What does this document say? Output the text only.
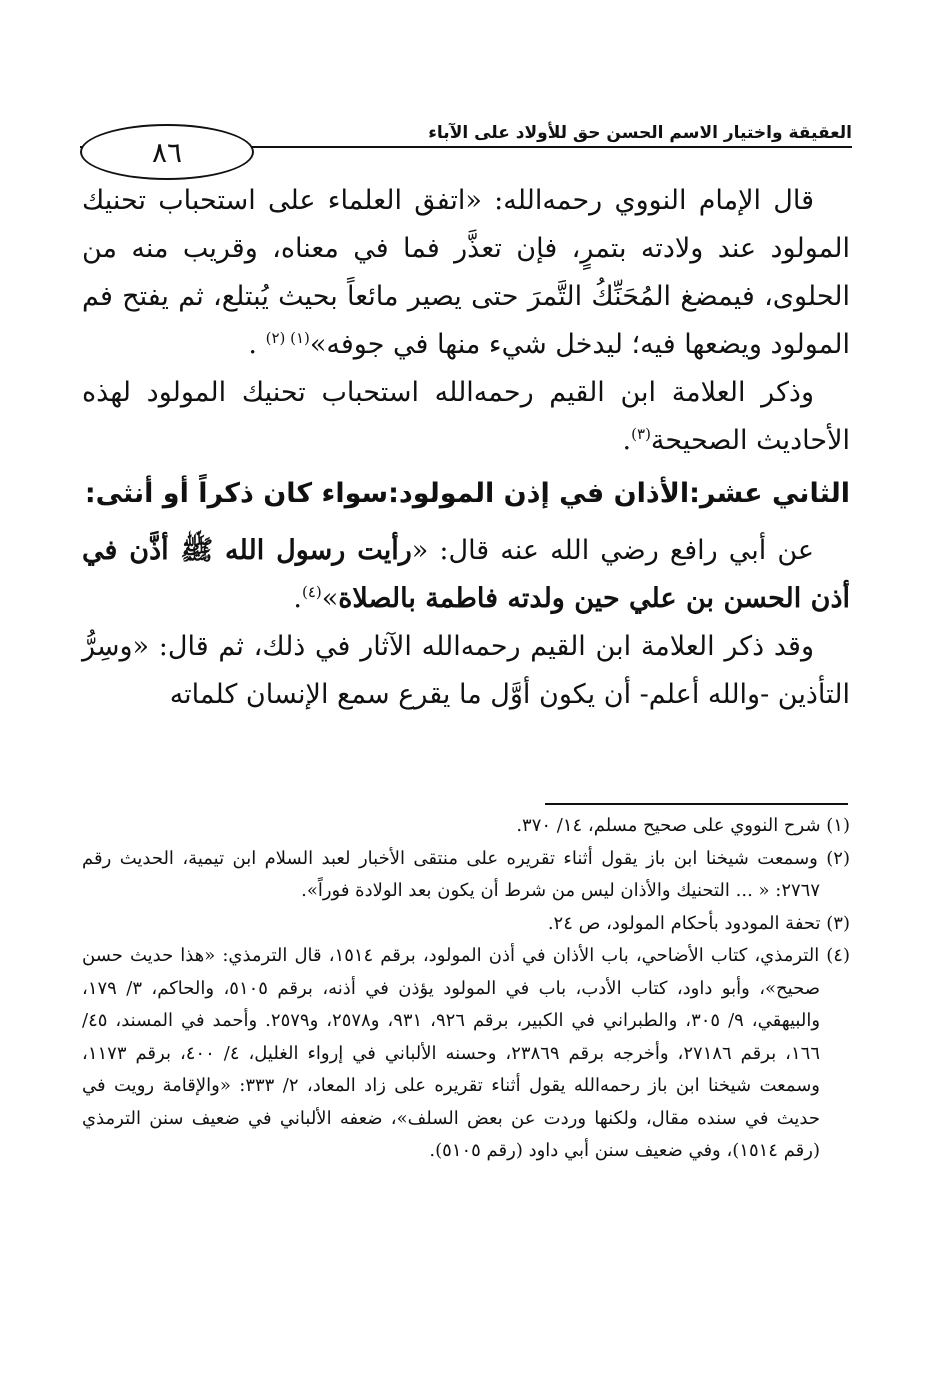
العقيقة واختيار الاسم الحسن حق للأولاد على الآباء
٨٦

قال الإمام النووي رحمه‌الله: «اتفق العلماء على استحباب تحنيك المولود عند ولادته بتمرٍ، فإن تعذَّر فما في معناه، وقريب منه من الحلوى، فيمضغ المُحَنِّكُ التَّمرَ حتى يصير مائعاً بحيث يُبتلع، ثم يفتح فم المولود ويضعها فيه؛ ليدخل شيء منها في جوفه»$^{(١) (٢)}$ .

وذكر العلامة ابن القيم رحمه‌الله استحباب تحنيك المولود لهذه الأحاديث الصحيحة$^{(٣)}$.

الثاني عشر:الأذان في إذن المولود:سواء كان ذكراً أو أنثى:

عن أبي رافع رضي الله عنه قال: «رأيت رسول الله ﷺ أذَّن في أذن الحسن بن علي حين ولدته فاطمة بالصلاة»$^{(٤)}$.

وقد ذكر العلامة ابن القيم رحمه‌الله الآثار في ذلك، ثم قال: «وسِرُّ التأذين -والله أعلم- أن يكون أوَّل ما يقرع سمع الإنسان كلماته

(١) شرح النووي على صحيح مسلم، ١٤/ ٣٧٠.

(٢) وسمعت شيخنا ابن باز يقول أثناء تقريره على منتقى الأخبار لعبد السلام ابن تيمية، الحديث رقم ٢٧٦٧: « ... التحنيك والأذان ليس من شرط أن يكون بعد الولادة فوراً».

(٣) تحفة المودود بأحكام المولود، ص ٢٤.

(٤) الترمذي، كتاب الأضاحي، باب الأذان في أذن المولود، برقم ١٥١٤، قال الترمذي: «هذا حديث حسن صحيح»، وأبو داود، كتاب الأدب، باب في المولود يؤذن في أذنه، برقم ٥١٠٥، والحاكم، ٣/ ١٧٩، والبيهقي، ٩/ ٣٠٥، والطبراني في الكبير، برقم ٩٢٦، ٩٣١، و٢٥٧٨، و٢٥٧٩. وأحمد في المسند، ٤٥/ ١٦٦، برقم ٢٧١٨٦، وأخرجه برقم ٢٣٨٦٩، وحسنه الألباني في إرواء الغليل، ٤/ ٤٠٠، برقم ١١٧٣، وسمعت شيخنا ابن باز رحمه‌الله يقول أثناء تقريره على زاد المعاد، ٢/ ٣٣٣: «والإقامة رويت في حديث في سنده مقال، ولكنها وردت عن بعض السلف»، ضعفه الألباني في ضعيف سنن الترمذي (رقم ١٥١٤)، وفي ضعيف سنن أبي داود (رقم ٥١٠٥).
